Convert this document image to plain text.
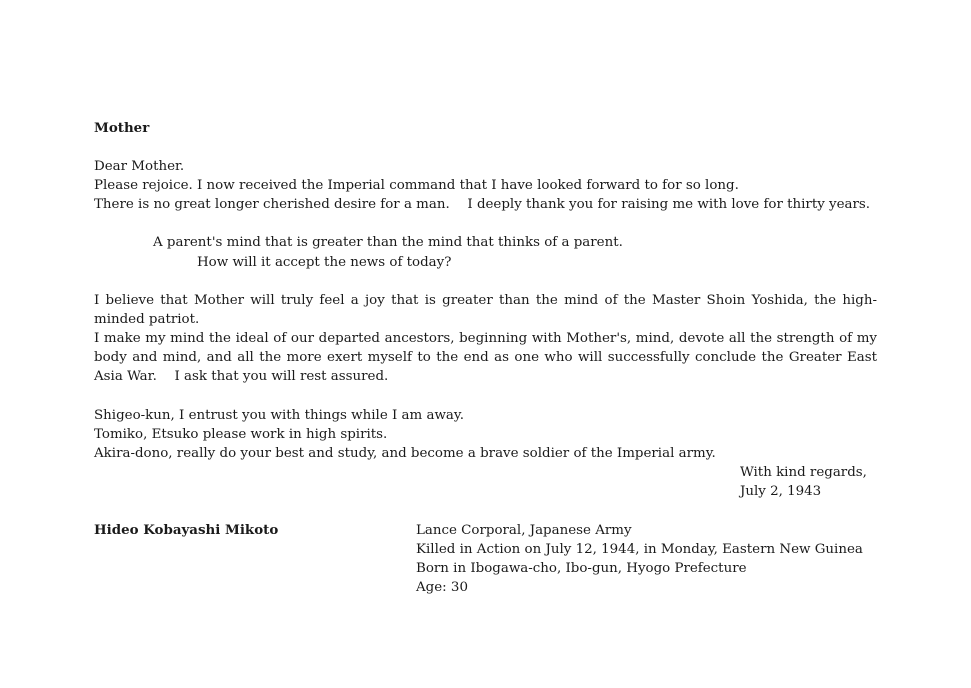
Mother
Dear Mother.
Please rejoice. I now received the Imperial command that I have looked forward to for so long.
There is no great longer cherished desire for a man.　 I deeply thank you for raising me with love for thirty years.
A parent's mind that is greater than the mind that thinks of a parent.
How will it accept the news of today?
I believe that Mother will truly feel a joy that is greater than the mind of the Master Shoin Yoshida, the high-minded patriot.
I make my mind the ideal of our departed ancestors, beginning with Mother's, mind, devote all the strength of my body and mind, and all the more exert myself to the end as one who will successfully conclude the Greater East Asia War.　 I ask that you will rest assured.
Shigeo-kun, I entrust you with things while I am away.
Tomiko, Etsuko please work in high spirits.
Akira-dono, really do your best and study, and become a brave soldier of the Imperial army.
With kind regards,
July 2, 1943
Hideo Kobayashi Mikoto	Lance Corporal, Japanese Army
Killed in Action on July 12, 1944, in Monday, Eastern New Guinea
Born in Ibogawa-cho, Ibo-gun, Hyogo Prefecture
Age: 30
